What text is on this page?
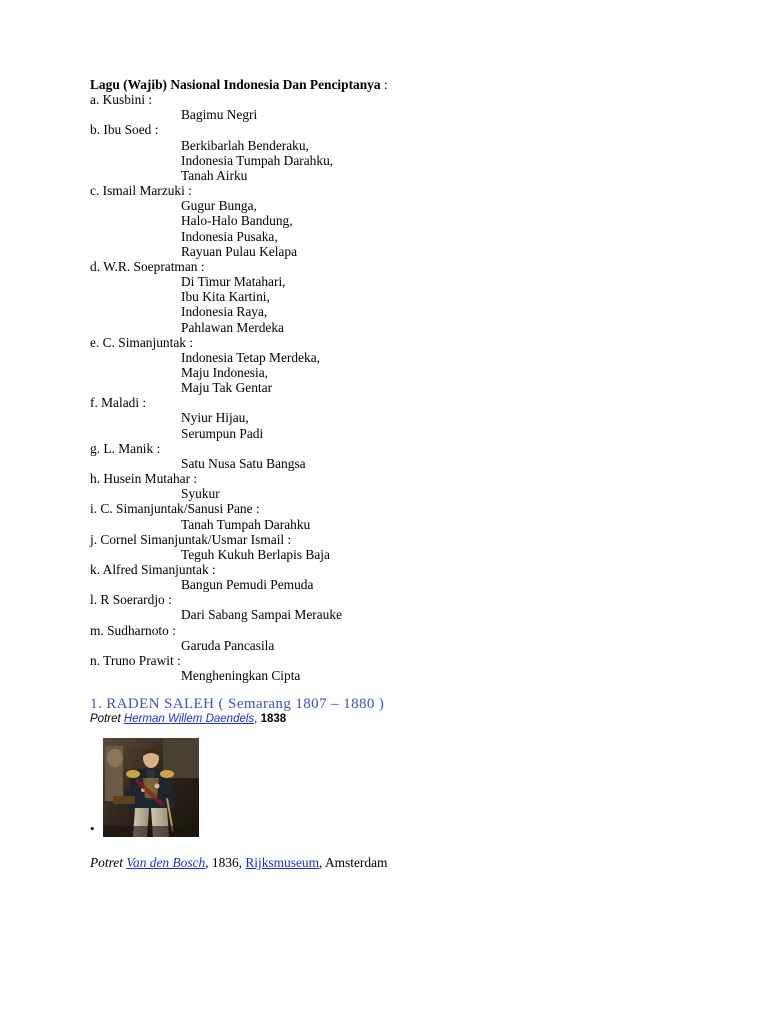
Lagu (Wajib) Nasional Indonesia Dan Penciptanya :
a. Kusbini :
Bagimu Negri
b. Ibu Soed :
Berkibarlah Benderaku,
Indonesia Tumpah Darahku,
Tanah Airku
c. Ismail Marzuki :
Gugur Bunga,
Halo-Halo Bandung,
Indonesia Pusaka,
Rayuan Pulau Kelapa
d. W.R. Soepratman :
Di Timur Matahari,
Ibu Kita Kartini,
Indonesia Raya,
Pahlawan Merdeka
e. C. Simanjuntak :
Indonesia Tetap Merdeka,
Maju Indonesia,
Maju Tak Gentar
f. Maladi :
Nyiur Hijau,
Serumpun Padi
g. L. Manik :
Satu Nusa Satu Bangsa
h. Husein Mutahar :
Syukur
i. C. Simanjuntak/Sanusi Pane :
Tanah Tumpah Darahku
j. Cornel Simanjuntak/Usmar Ismail :
Teguh Kukuh Berlapis Baja
k. Alfred Simanjuntak :
Bangun Pemudi Pemuda
l. R Soerardjo :
Dari Sabang Sampai Merauke
m. Sudharnoto :
Garuda Pancasila
n. Truno Prawit :
Mengheningkan Cipta
1. RADEN SALEH ( Semarang 1807 – 1880 )
Potret Herman Willem Daendels, 1838
•
Potret Van den Bosch, 1836, Rijksmuseum, Amsterdam
